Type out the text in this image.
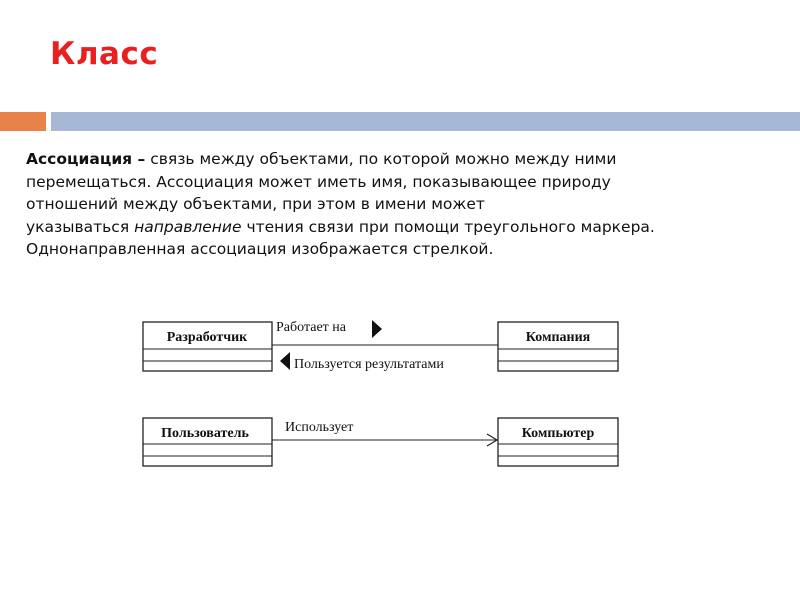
Класс
Ассоциация – связь между объектами, по которой можно между ними
перемещаться. Ассоциация может иметь имя, показывающее природу
отношений между объектами, при этом в имени может
указываться направление чтения связи при помощи треугольного маркера.
Однонаправленная ассоциация изображается стрелкой.
Разработчик	Компания
Работает на
Пользуется результатами
Пользователь	Компьютер
Использует
